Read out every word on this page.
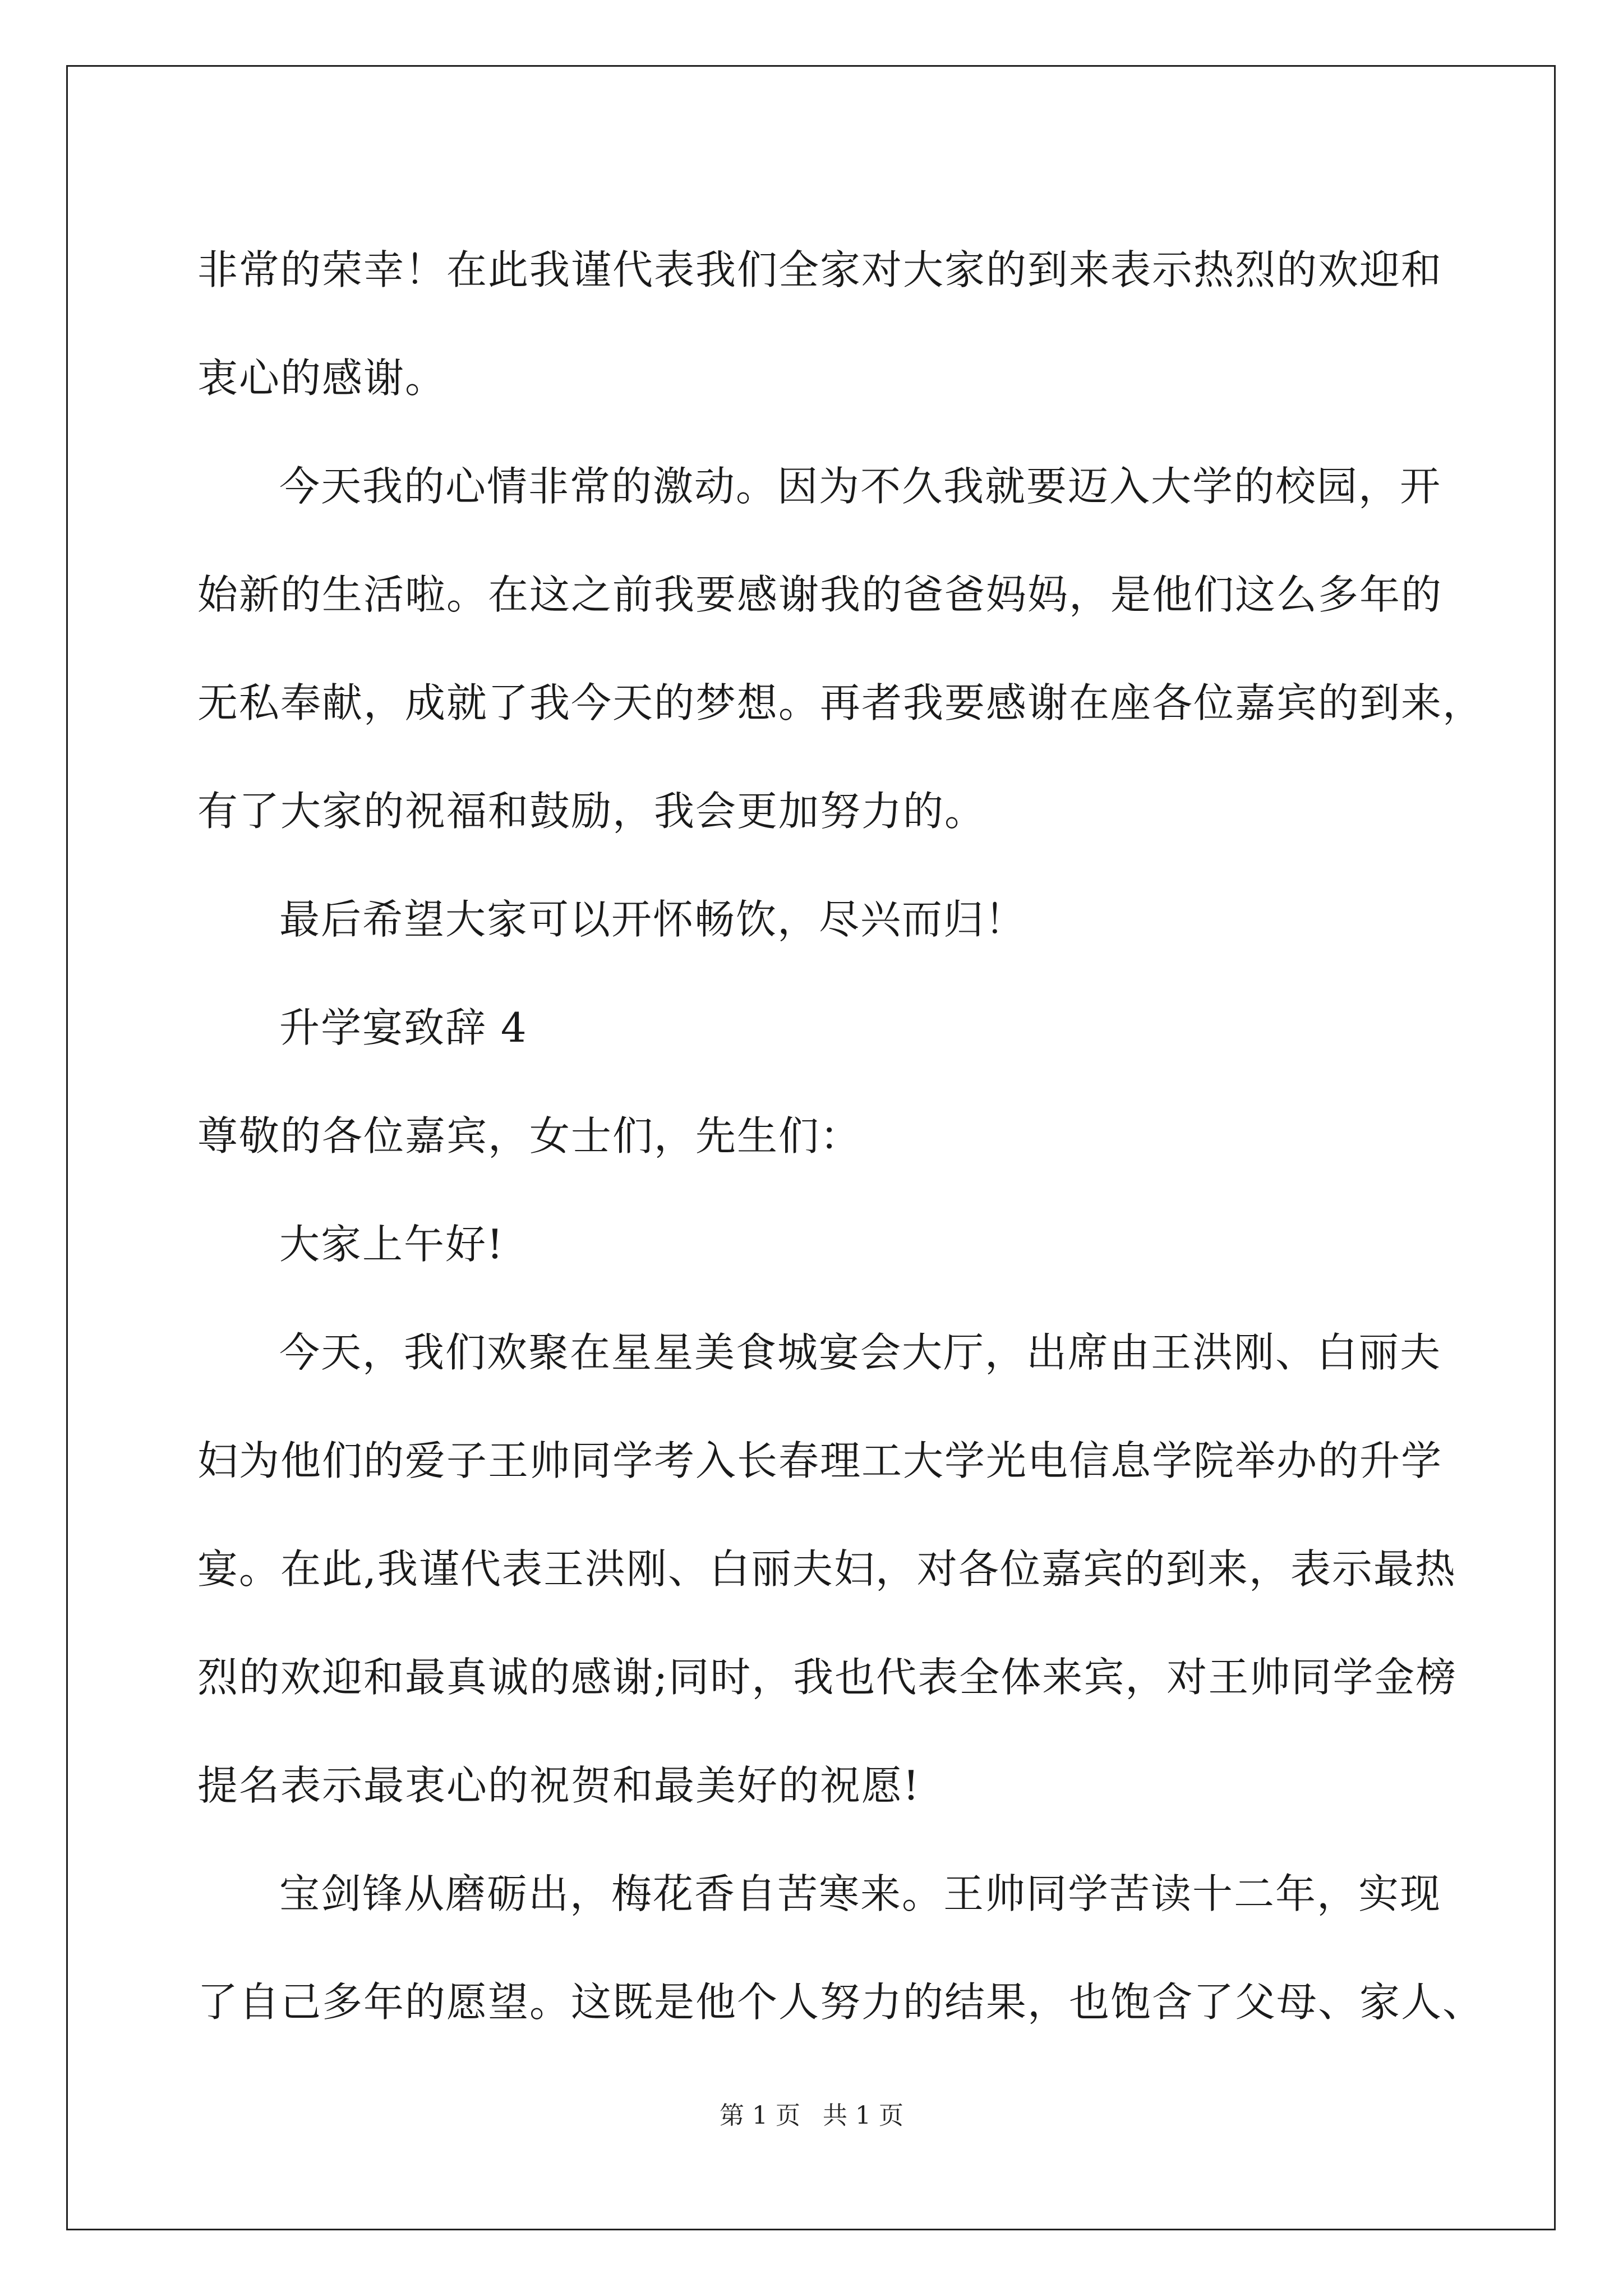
非常的荣幸！在此我谨代表我们全家对大家的到来表示热烈的欢迎和
衷心的感谢。
今天我的心情非常的激动。因为不久我就要迈入大学的校园，开
始新的生活啦。在这之前我要感谢我的爸爸妈妈，是他们这么多年的
无私奉献，成就了我今天的梦想。再者我要感谢在座各位嘉宾的到来，
有了大家的祝福和鼓励，我会更加努力的。
最后希望大家可以开怀畅饮，尽兴而归！
升学宴致辞 4
尊敬的各位嘉宾，女士们，先生们：
大家上午好!
今天，我们欢聚在星星美食城宴会大厅，出席由王洪刚、白丽夫
妇为他们的爱子王帅同学考入长春理工大学光电信息学院举办的升学
宴。在此,我谨代表王洪刚、白丽夫妇，对各位嘉宾的到来，表示最热
烈的欢迎和最真诚的感谢;同时，我也代表全体来宾，对王帅同学金榜
提名表示最衷心的祝贺和最美好的祝愿!
宝剑锋从磨砺出，梅花香自苦寒来。王帅同学苦读十二年，实现
了自己多年的愿望。这既是他个人努力的结果，也饱含了父母、家人、
第 1 页 共 1 页
